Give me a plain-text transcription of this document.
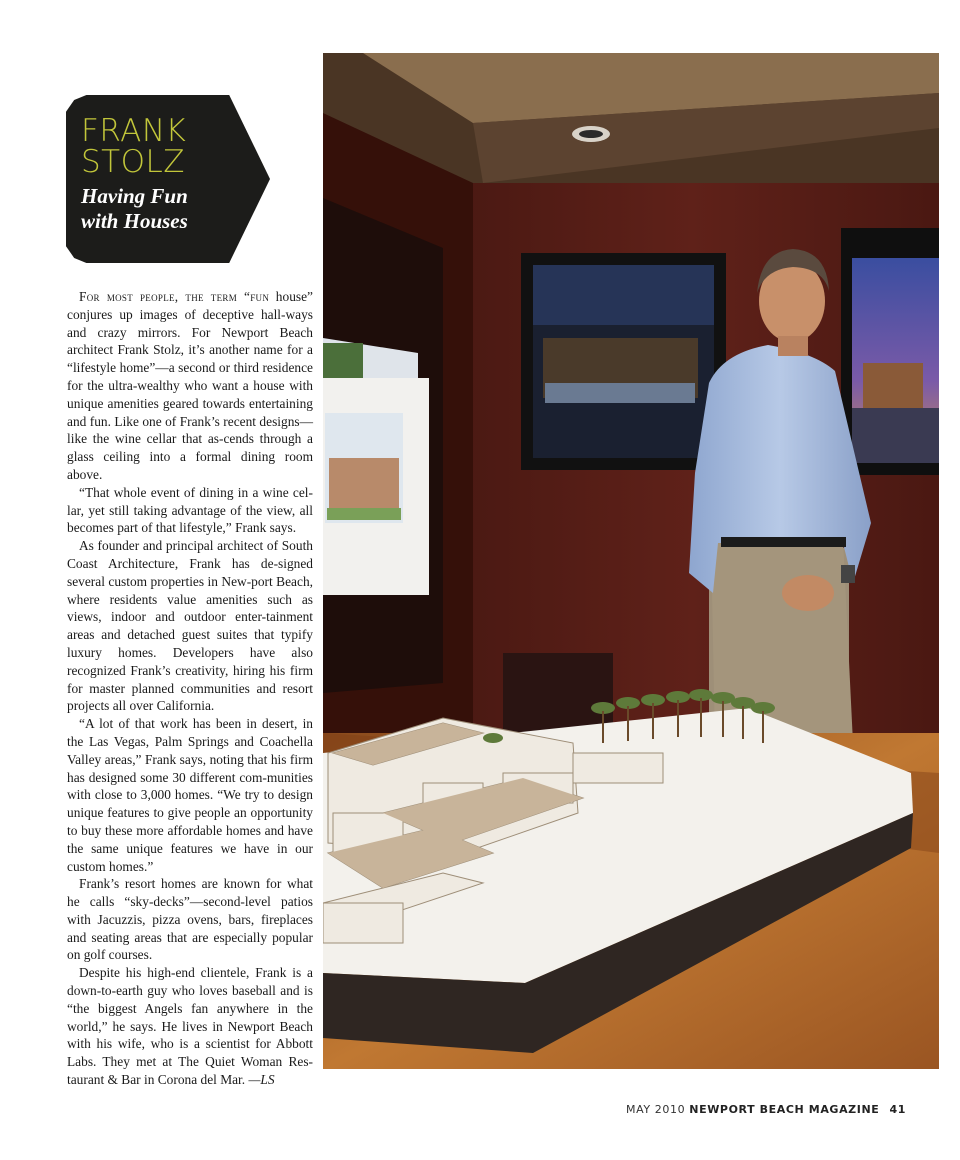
FRANK
STOLZ
Having Fun
with Houses

For most people, the term “fun house” conjures up images of deceptive hall-ways and crazy mirrors. For Newport Beach architect Frank Stolz, it’s another name for a “lifestyle home”—a second or third residence for the ultra-wealthy who want a house with unique amenities geared towards entertaining and fun. Like one of Frank’s recent designs—like the wine cellar that as-cends through a glass ceiling into a formal dining room above.

“That whole event of dining in a wine cel-lar, yet still taking advantage of the view, all becomes part of that lifestyle,” Frank says.

As founder and principal architect of South Coast Architecture, Frank has de-signed several custom properties in New-port Beach, where residents value amenities such as views, indoor and outdoor enter-tainment areas and detached guest suites that typify luxury homes. Developers have also recognized Frank’s creativity, hiring his firm for master planned communities and resort projects all over California.

“A lot of that work has been in desert, in the Las Vegas, Palm Springs and Coachella Valley areas,” Frank says, noting that his firm has designed some 30 different com-munities with close to 3,000 homes. “We try to design unique features to give people an opportunity to buy these more affordable homes and have the same unique features we have in our custom homes.”

Frank’s resort homes are known for what he calls “sky-decks”—second-level patios with Jacuzzis, pizza ovens, bars, fireplaces and seating areas that are especially popular on golf courses.

Despite his high-end clientele, Frank is a down-to-earth guy who loves baseball and is “the biggest Angels fan anywhere in the world,” he says. He lives in Newport Beach with his wife, who is a scientist for Abbott Labs. They met at The Quiet Woman Res-taurant & Bar in Corona del Mar. —LS

MAY 2010 NEWPORT BEACH MAGAZINE 41
